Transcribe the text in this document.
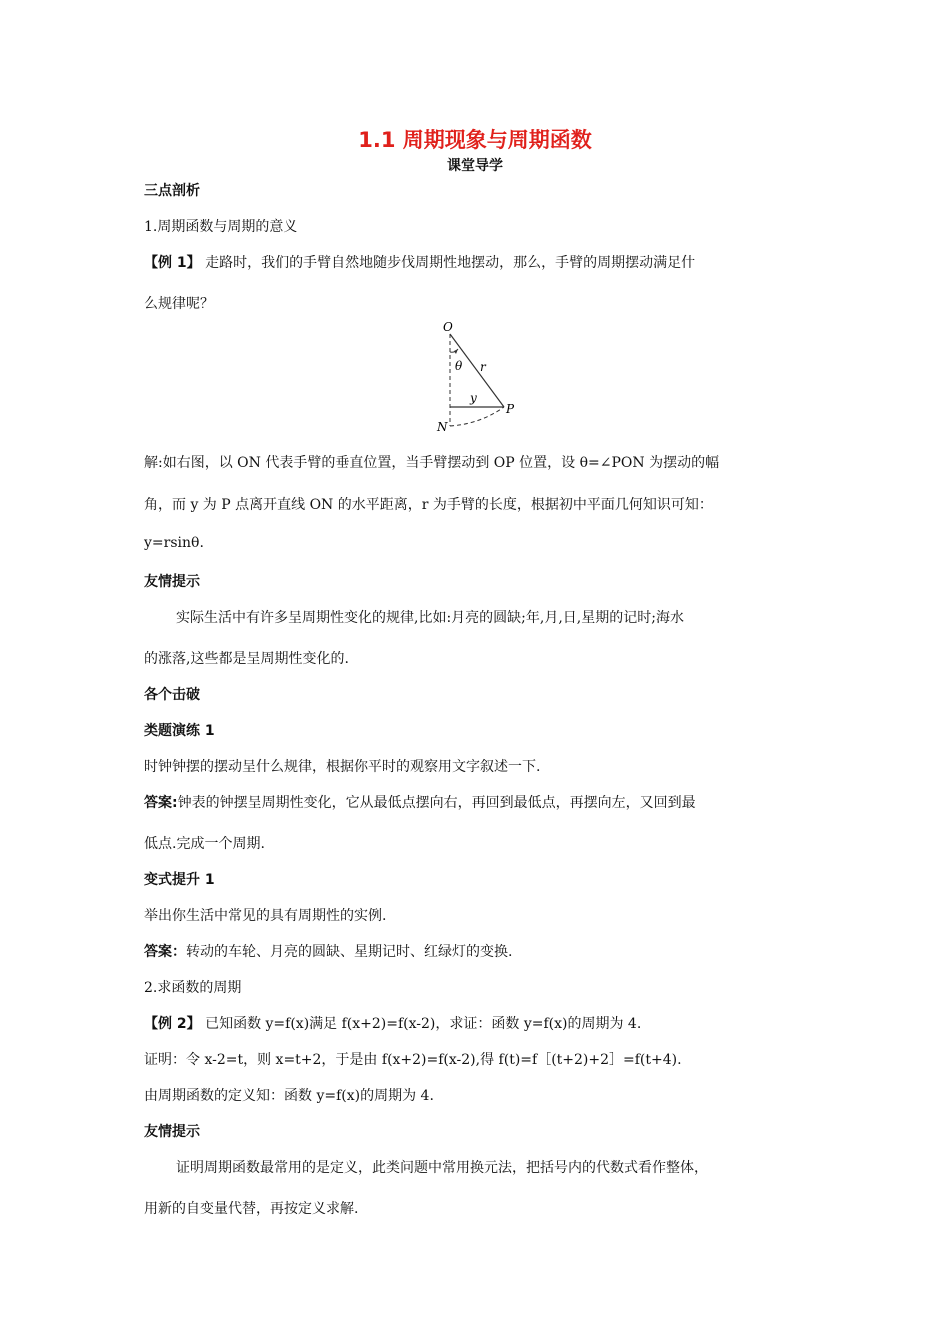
1.1 周期现象与周期函数
课堂导学
三点剖析
1.周期函数与周期的意义
【例 1】 走路时，我们的手臂自然地随步伐周期性地摆动，那么，手臂的周期摆动满足什
么规律呢？
O
θ r
y
P
N
解:如右图，以 ON 代表手臂的垂直位置，当手臂摆动到 OP 位置，设 θ=∠PON 为摆动的幅
角，而 y 为 P 点离开直线 ON 的水平距离，r 为手臂的长度，根据初中平面几何知识可知：
y=rsinθ.
友情提示
实际生活中有许多呈周期性变化的规律,比如:月亮的圆缺;年,月,日,星期的记时;海水
的涨落,这些都是呈周期性变化的.
各个击破
类题演练 1
时钟钟摆的摆动呈什么规律，根据你平时的观察用文字叙述一下.
答案:钟表的钟摆呈周期性变化，它从最低点摆向右，再回到最低点，再摆向左，又回到最
低点.完成一个周期.
变式提升 1
举出你生活中常见的具有周期性的实例.
答案：转动的车轮、月亮的圆缺、星期记时、红绿灯的变换.
2.求函数的周期
【例 2】 已知函数 y=f(x)满足 f(x+2)=f(x-2)，求证：函数 y=f(x)的周期为 4.
证明：令 x-2=t，则 x=t+2，于是由 f(x+2)=f(x-2),得 f(t)=f［(t+2)+2］=f(t+4).
由周期函数的定义知：函数 y=f(x)的周期为 4.
友情提示
证明周期函数最常用的是定义，此类问题中常用换元法，把括号内的代数式看作整体，
用新的自变量代替，再按定义求解.
